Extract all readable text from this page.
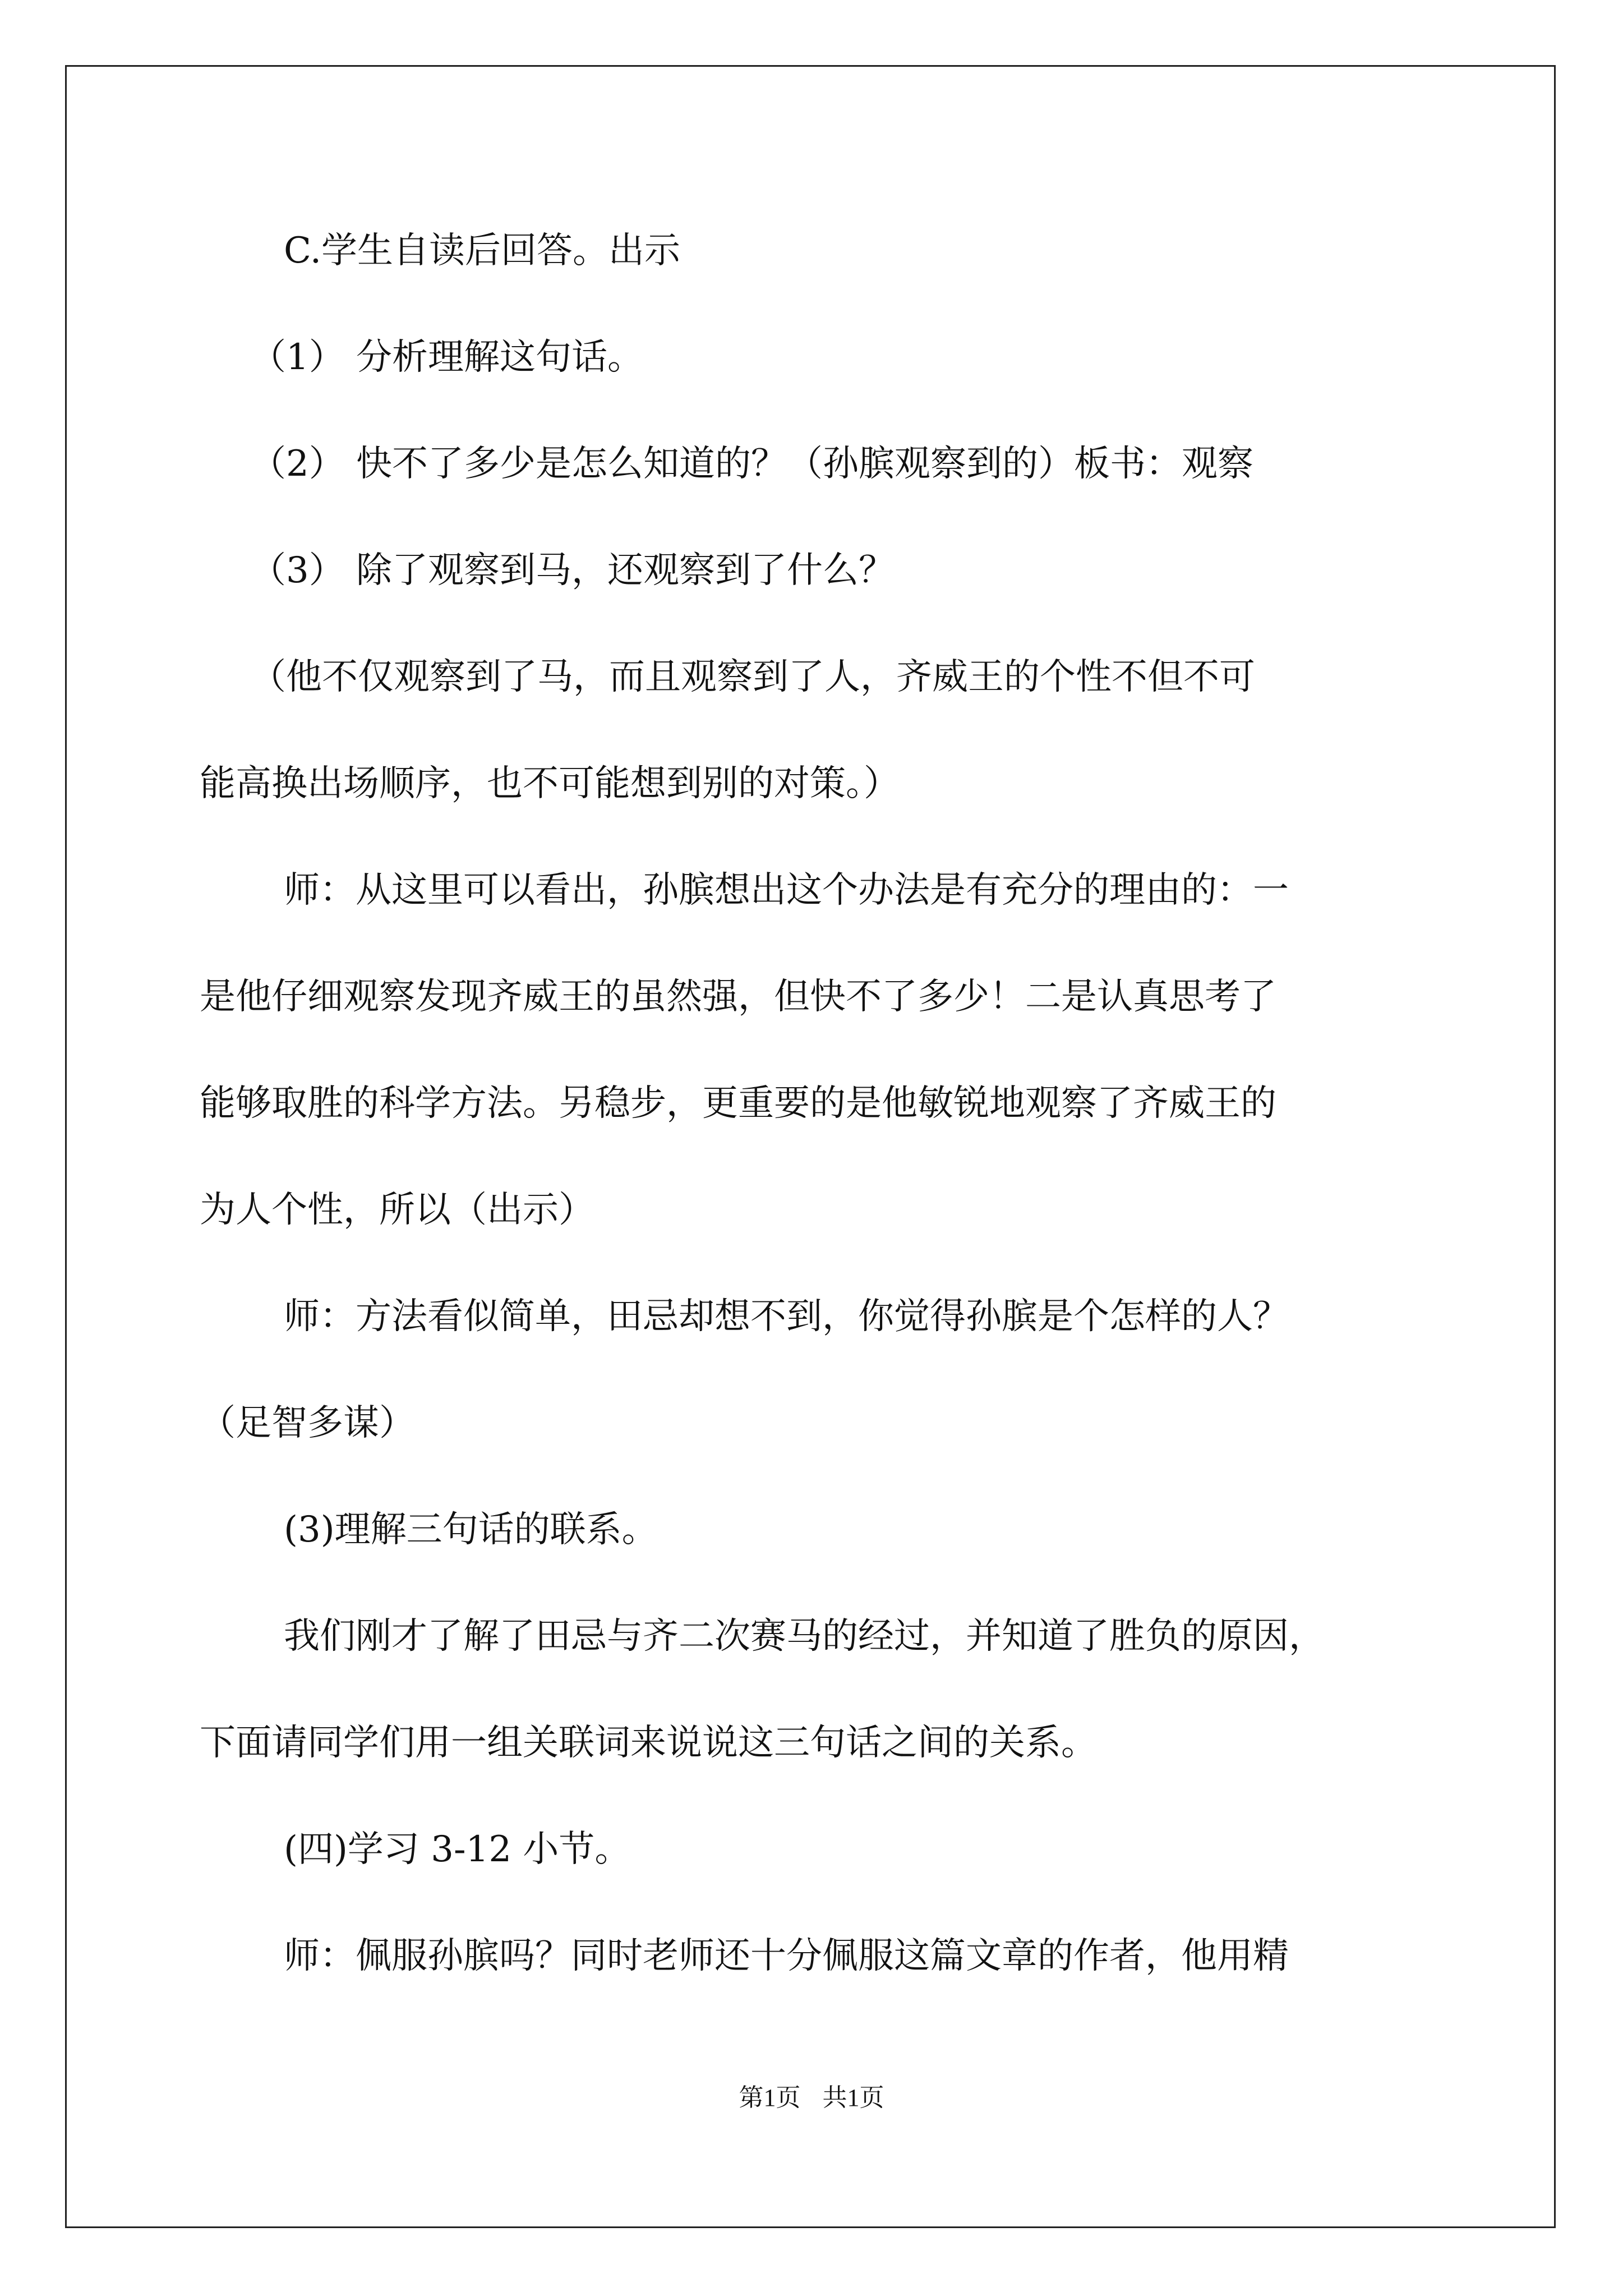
C.学生自读后回答。出示

（1） 分析理解这句话。

（2） 快不了多少是怎么知道的？（孙膑观察到的）板书：观察

（3） 除了观察到马，还观察到了什么？

（他不仅观察到了马，而且观察到了人，齐威王的个性不但不可

能高换出场顺序，也不可能想到别的对策。）

师：从这里可以看出，孙膑想出这个办法是有充分的理由的：一

是他仔细观察发现齐威王的虽然强，但快不了多少！二是认真思考了

能够取胜的科学方法。另稳步，更重要的是他敏锐地观察了齐威王的

为人个性，所以（出示）

师：方法看似简单，田忌却想不到，你觉得孙膑是个怎样的人？

（足智多谋）

(3)理解三句话的联系。

我们刚才了解了田忌与齐二次赛马的经过，并知道了胜负的原因，

下面请同学们用一组关联词来说说这三句话之间的关系。

(四)学习 3-12 小节。

师：佩服孙膑吗？同时老师还十分佩服这篇文章的作者，他用精

第1页 共1页
